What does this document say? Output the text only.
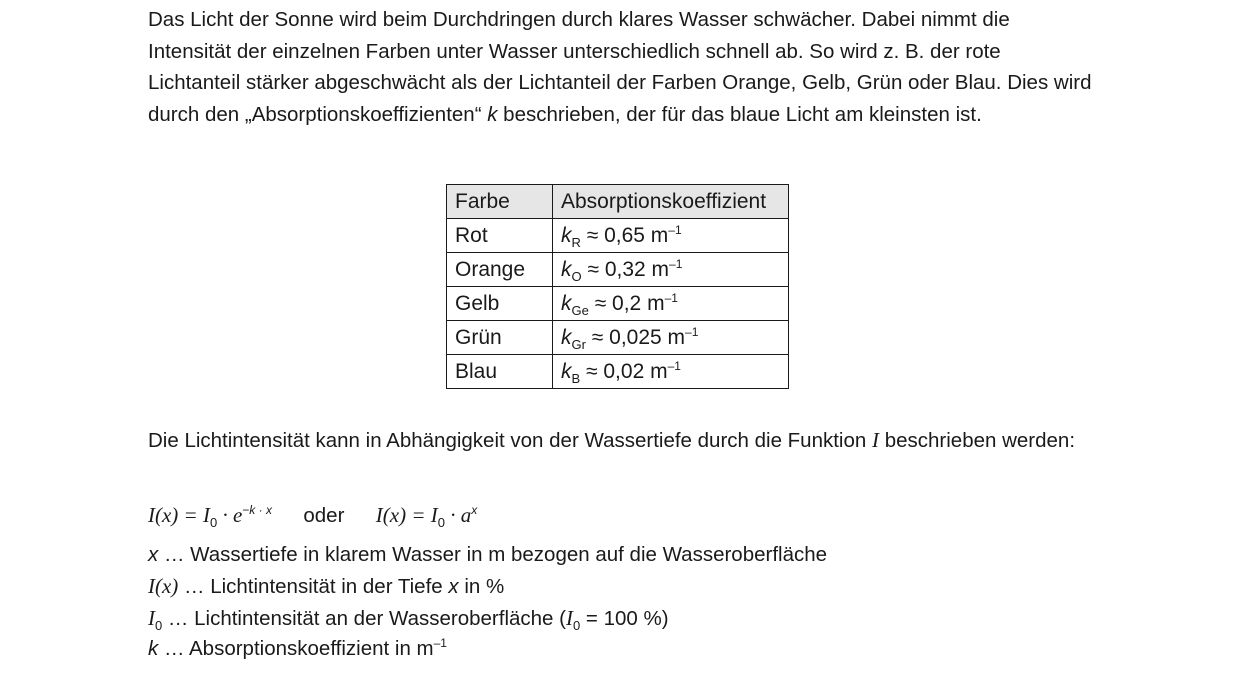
Das Licht der Sonne wird beim Durchdringen durch klares Wasser schwächer. Dabei nimmt die Intensität der einzelnen Farben unter Wasser unterschiedlich schnell ab. So wird z. B. der rote Lichtanteil stärker abgeschwächt als der Lichtanteil der Farben Orange, Gelb, Grün oder Blau. Dies wird durch den „Absorptionskoeffizienten“ k beschrieben, der für das blaue Licht am kleinsten ist.

Farbe	Absorptionskoeffizient
Rot	$k_R \approx 0,65$ $m^{-1}$
Orange	$k_O \approx 0,32$ $m^{-1}$
Gelb	$k_{Ge} \approx 0,2$ $m^{-1}$
Grün	$k_{Gr} \approx 0,025$ $m^{-1}$
Blau	$k_B \approx 0,02$ $m^{-1}$

Die Lichtintensität kann in Abhängigkeit von der Wassertiefe durch die Funktion I beschrieben werden:

$I(x) = I_0 \cdot e^{-k \cdot x}$ oder $I(x) = I_0 \cdot a^x$
x … Wassertiefe in klarem Wasser in m bezogen auf die Wasseroberfläche
I(x) … Lichtintensität in der Tiefe x in %
$I_0$ … Lichtintensität an der Wasseroberfläche ($I_0 = 100$ %)
k … Absorptionskoeffizient in $m^{-1}$
